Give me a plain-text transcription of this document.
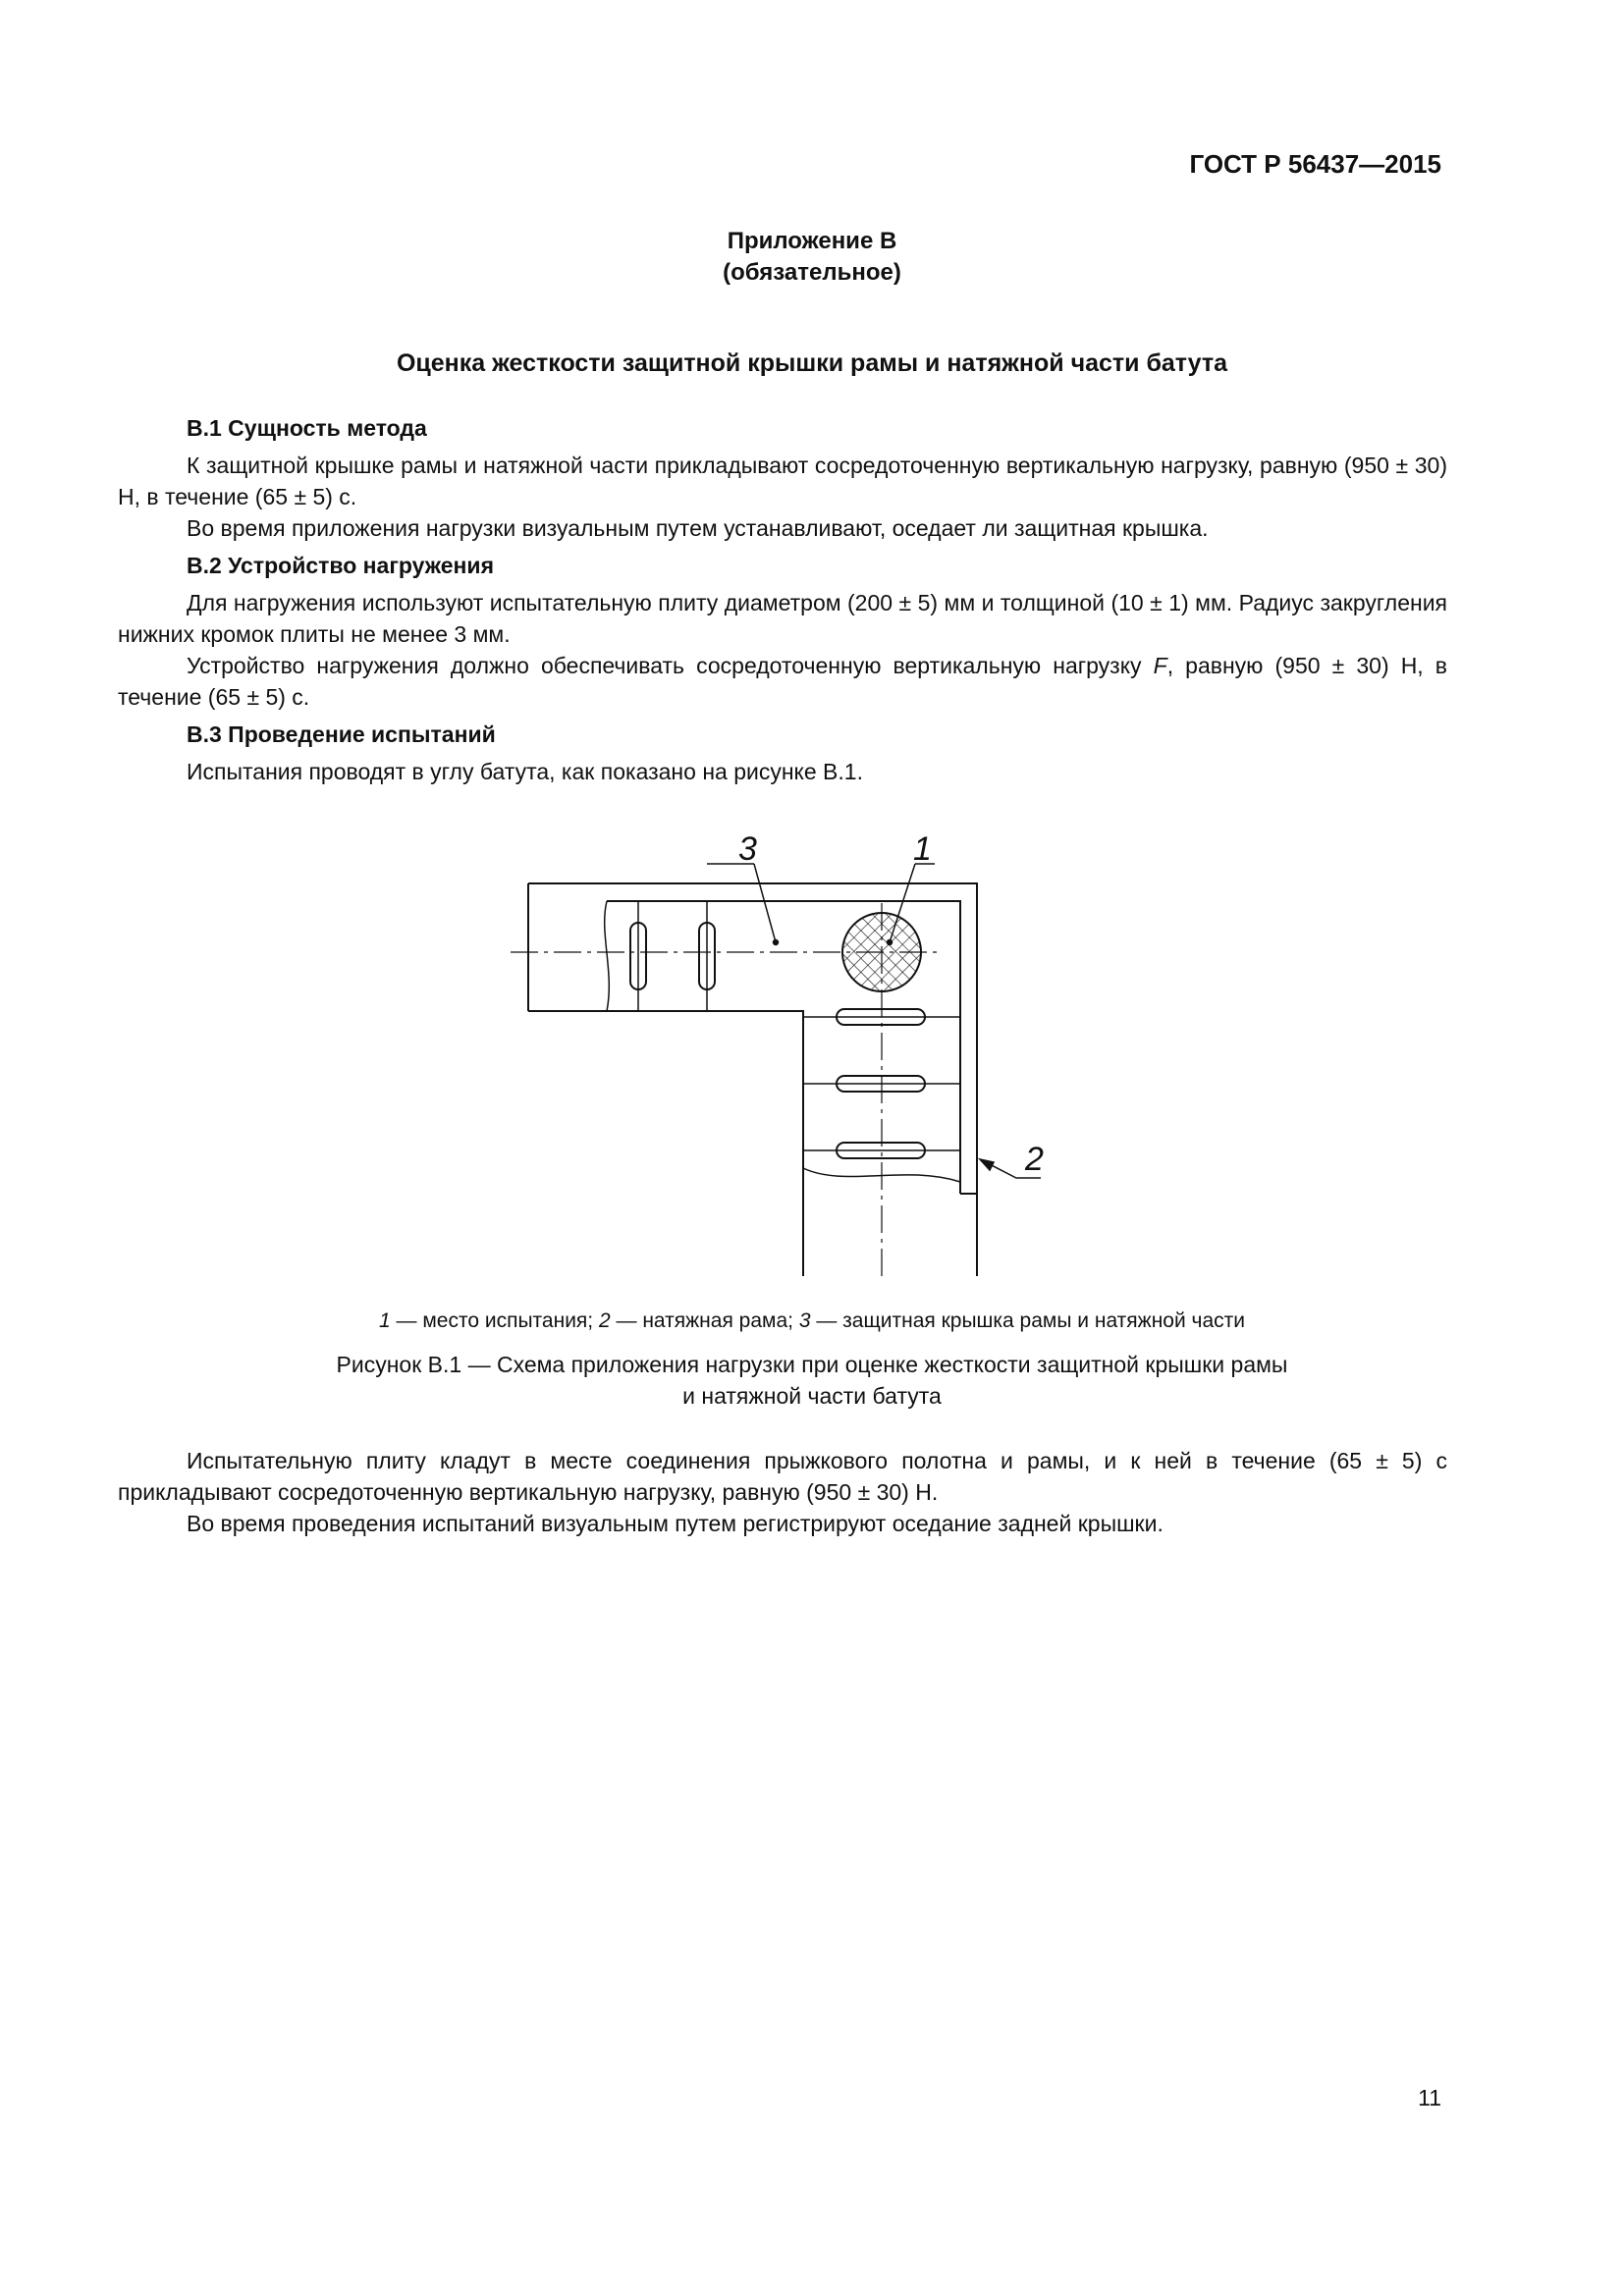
ГОСТ Р 56437—2015
Приложение В
(обязательное)
Оценка жесткости защитной крышки рамы и натяжной части батута
В.1 Сущность метода

К защитной крышке рамы и натяжной части прикладывают сосредоточенную вертикальную нагрузку, равную (950 ± 30) Н, в течение (65 ± 5) с.

Во время приложения нагрузки визуальным путем устанавливают, оседает ли защитная крышка.

В.2 Устройство нагружения

Для нагружения используют испытательную плиту диаметром (200 ± 5) мм и толщиной (10 ± 1) мм. Радиус закругления нижних кромок плиты не менее 3 мм.

Устройство нагружения должно обеспечивать сосредоточенную вертикальную нагрузку F, равную (950 ± 30) Н, в течение (65 ± 5) с.

В.3 Проведение испытаний

Испытания проводят в углу батута, как показано на рисунке В.1.

3	1
2
1 — место испытания; 2 — натяжная рама; 3 — защитная крышка рамы и натяжной части
Рисунок В.1 — Схема приложения нагрузки при оценке жесткости защитной крышки рамы
и натяжной части батута

Испытательную плиту кладут в месте соединения прыжкового полотна и рамы, и к ней в течение (65 ± 5) с прикладывают сосредоточенную вертикальную нагрузку, равную (950 ± 30) Н.

Во время проведения испытаний визуальным путем регистрируют оседание задней крышки.

11
